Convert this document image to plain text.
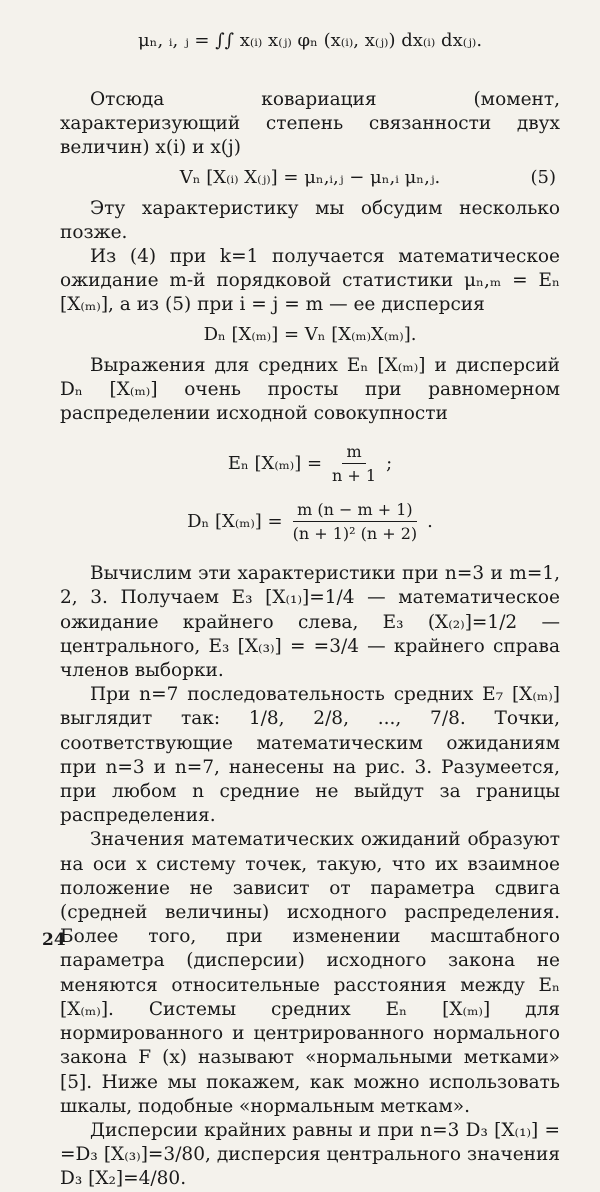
μₙ, ᵢ, ⱼ = ∫∫ x₍ᵢ₎ x₍ⱼ₎ φₙ (x₍ᵢ₎, x₍ⱼ₎) dx₍ᵢ₎ dx₍ⱼ₎.

Отсюда ковариация (момент, характеризующий степень связанности двух величин) x(i) и x(j)

Vₙ [X₍ᵢ₎ X₍ⱼ₎] = μₙ,ᵢ,ⱼ − μₙ,ᵢ μₙ,ⱼ.	(5)

Эту характеристику мы обсудим несколько позже.

Из (4) при k=1 получается математическое ожидание m-й порядковой статистики μₙ,ₘ = Eₙ [X₍ₘ₎], а из (5) при i = j = m — ее дисперсия

Dₙ [X₍ₘ₎] = Vₙ [X₍ₘ₎X₍ₘ₎].

Выражения для средних Eₙ [X₍ₘ₎] и дисперсий Dₙ [X₍ₘ₎] очень просты при равномерном распределении исходной совокупности

Eₙ $[X_{(m)}] = \frac{m}{n + 1}$ ;
Dₙ $[X_{(m)}] = \frac{m (n - m + 1)}{\text{(n + 1)² (n + 2)}}$ .

Вычислим эти характеристики при n=3 и m=1, 2, 3. Получаем E₃ [X₍₁₎]=1/4 — математическое ожидание крайнего слева, E₃ (X₍₂₎]=1/2 — центрального, E₃ [X₍₃₎] = =3/4 — крайнего справа членов выборки.

При n=7 последовательность средних E₇ [X₍ₘ₎] выглядит так: 1/8, 2/8, ..., 7/8. Точки, соответствующие математическим ожиданиям при n=3 и n=7, нанесены на рис. 3. Разумеется, при любом n средние не выйдут за границы распределения.

Значения математических ожиданий образуют на оси x систему точек, такую, что их взаимное положение не зависит от параметра сдвига (средней величины) исходного распределения. Более того, при изменении масштабного параметра (дисперсии) исходного закона не меняются относительные расстояния между Eₙ [X₍ₘ₎]. Системы средних Eₙ [X₍ₘ₎] для нормированного и центрированного нормального закона F (x) называют «нормальными метками» [5]. Ниже мы покажем, как можно использовать шкалы, подобные «нормальным меткам».

Дисперсии крайних равны и при n=3 D₃ [X₍₁₎] = =D₃ [X₍₃₎]=3/80, дисперсия центрального значения D₃ [X₂]=4/80.

24
